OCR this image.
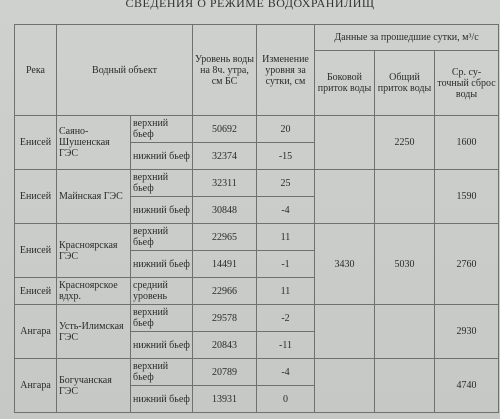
СВЕДЕНИЯ О РЕЖИМЕ ВОДОХРАНИЛИЩ
Река	Водный объект		Уровень воды на 8ч. утра, см БС	Изменение уровня за сутки, см	Данные за прошедшие сутки, м³/с		
					Боковой приток воды	Общий приток воды	Ср. су-точный сброс воды
Енисей	Саяно-Шушенская ГЭС	верхний бьеф	50692	20		2250	1600
		нижний бьеф	32374	-15			
Енисей	Майнская ГЭС	верхний бьеф	32311	25			1590
		нижний бьеф	30848	-4			
Енисей	Красноярская ГЭС	верхний бьеф	22965	11	3430	5030	2760
		нижний бьеф	14491	-1			
Енисей	Красноярское вдхр.	средний уровень	22966	11			
Ангара	Усть-Илимская ГЭС	верхний бьеф	29578	-2			2930
		нижний бьеф	20843	-11			
Ангара	Богучанская ГЭС	верхний бьеф	20789	-4			4740
		нижний бьеф	13931	0			
